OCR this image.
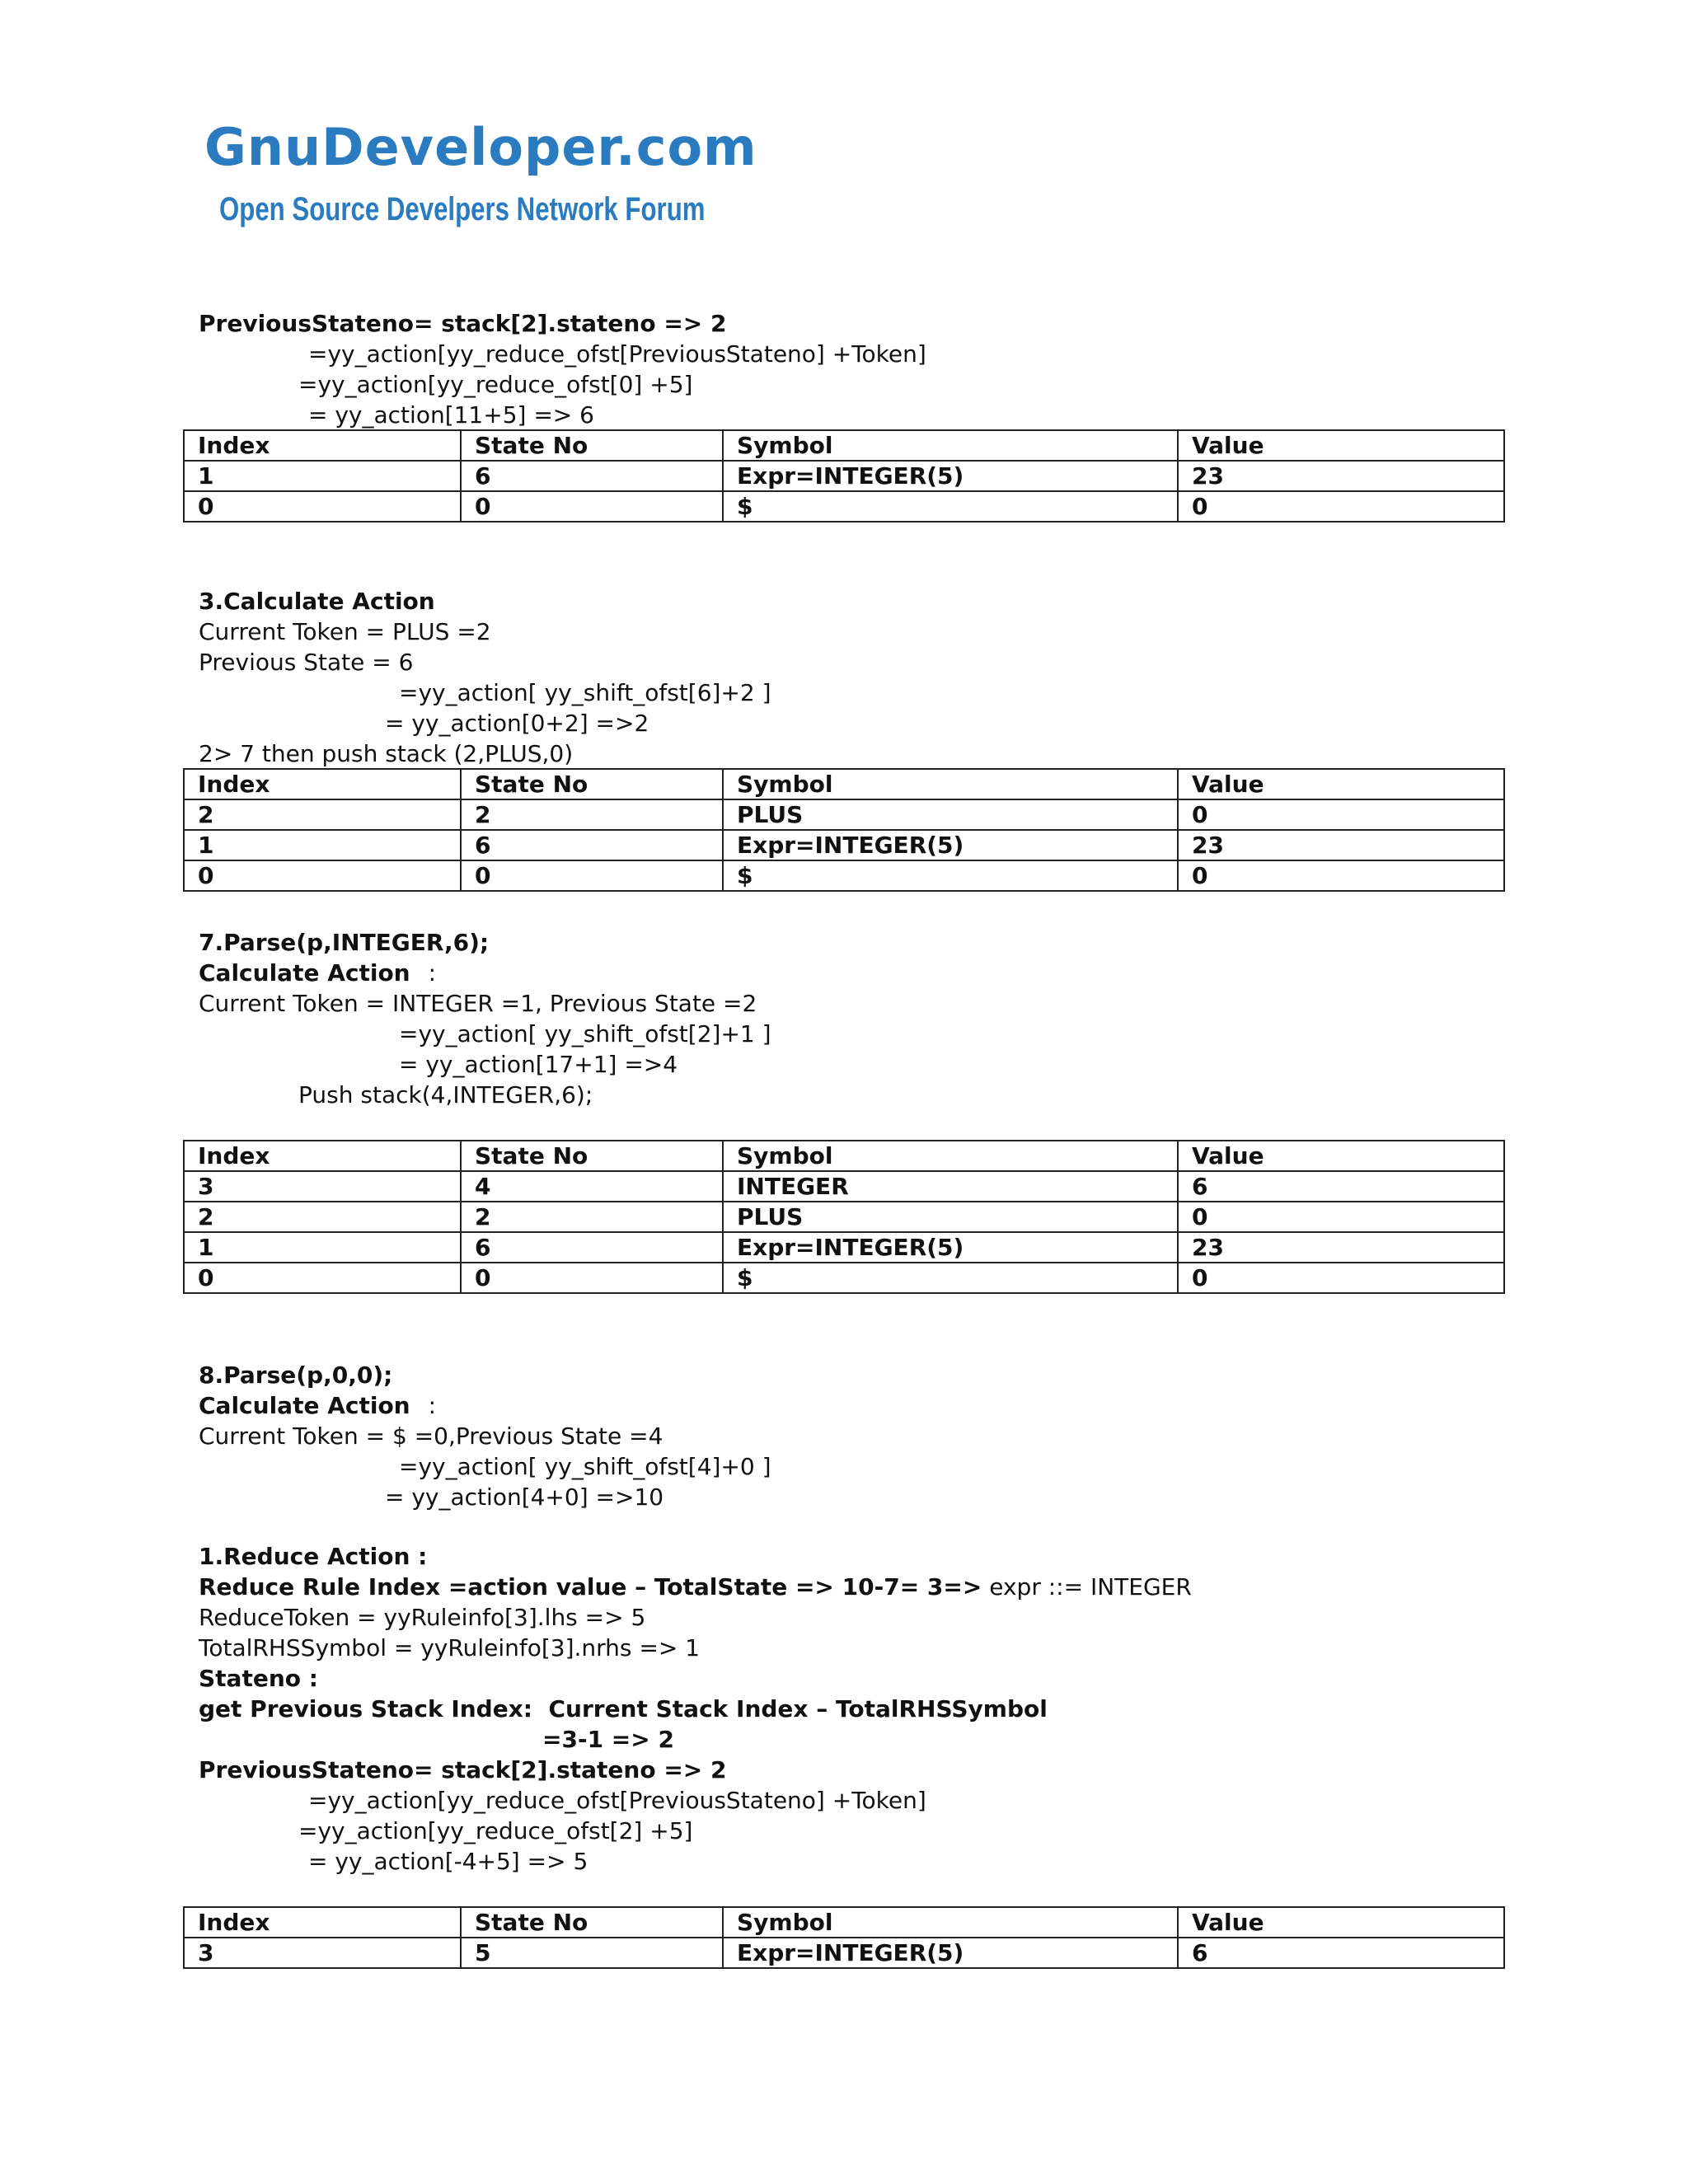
GnuDeveloper.com
Open Source Develpers Network Forum
PreviousStateno= stack[2].stateno => 2
=yy_action[yy_reduce_ofst[PreviousStateno] +Token]
=yy_action[yy_reduce_ofst[0] +5]
= yy_action[11+5] => 6
Index	State No	Symbol	Value
1	6	Expr=INTEGER(5)	23
0	0	$	0
3.Calculate Action
Current Token = PLUS =2
Previous State = 6
=yy_action[ yy_shift_ofst[6]+2 ]
= yy_action[0+2] =>2
2> 7 then push stack (2,PLUS,0)
Index	State No	Symbol	Value
2	2	PLUS	0
1	6	Expr=INTEGER(5)	23
0	0	$	0
7.Parse(p,INTEGER,6);
Calculate Action :
Current Token = INTEGER =1, Previous State =2
=yy_action[ yy_shift_ofst[2]+1 ]
= yy_action[17+1] =>4
Push stack(4,INTEGER,6);
Index	State No	Symbol	Value
3	4	INTEGER	6
2	2	PLUS	0
1	6	Expr=INTEGER(5)	23
0	0	$	0
8.Parse(p,0,0);
Calculate Action :
Current Token = $ =0,Previous State =4
=yy_action[ yy_shift_ofst[4]+0 ]
= yy_action[4+0] =>10
1.Reduce Action :
Reduce Rule Index =action value – TotalState => 10-7= 3=> expr ::= INTEGER
ReduceToken = yyRuleinfo[3].lhs => 5
TotalRHSSymbol = yyRuleinfo[3].nrhs => 1
Stateno :
get Previous Stack Index:  Current Stack Index – TotalRHSSymbol
=3-1 => 2
PreviousStateno= stack[2].stateno => 2
=yy_action[yy_reduce_ofst[PreviousStateno] +Token]
=yy_action[yy_reduce_ofst[2] +5]
= yy_action[-4+5] => 5
Index	State No	Symbol	Value
3	5	Expr=INTEGER(5)	6
